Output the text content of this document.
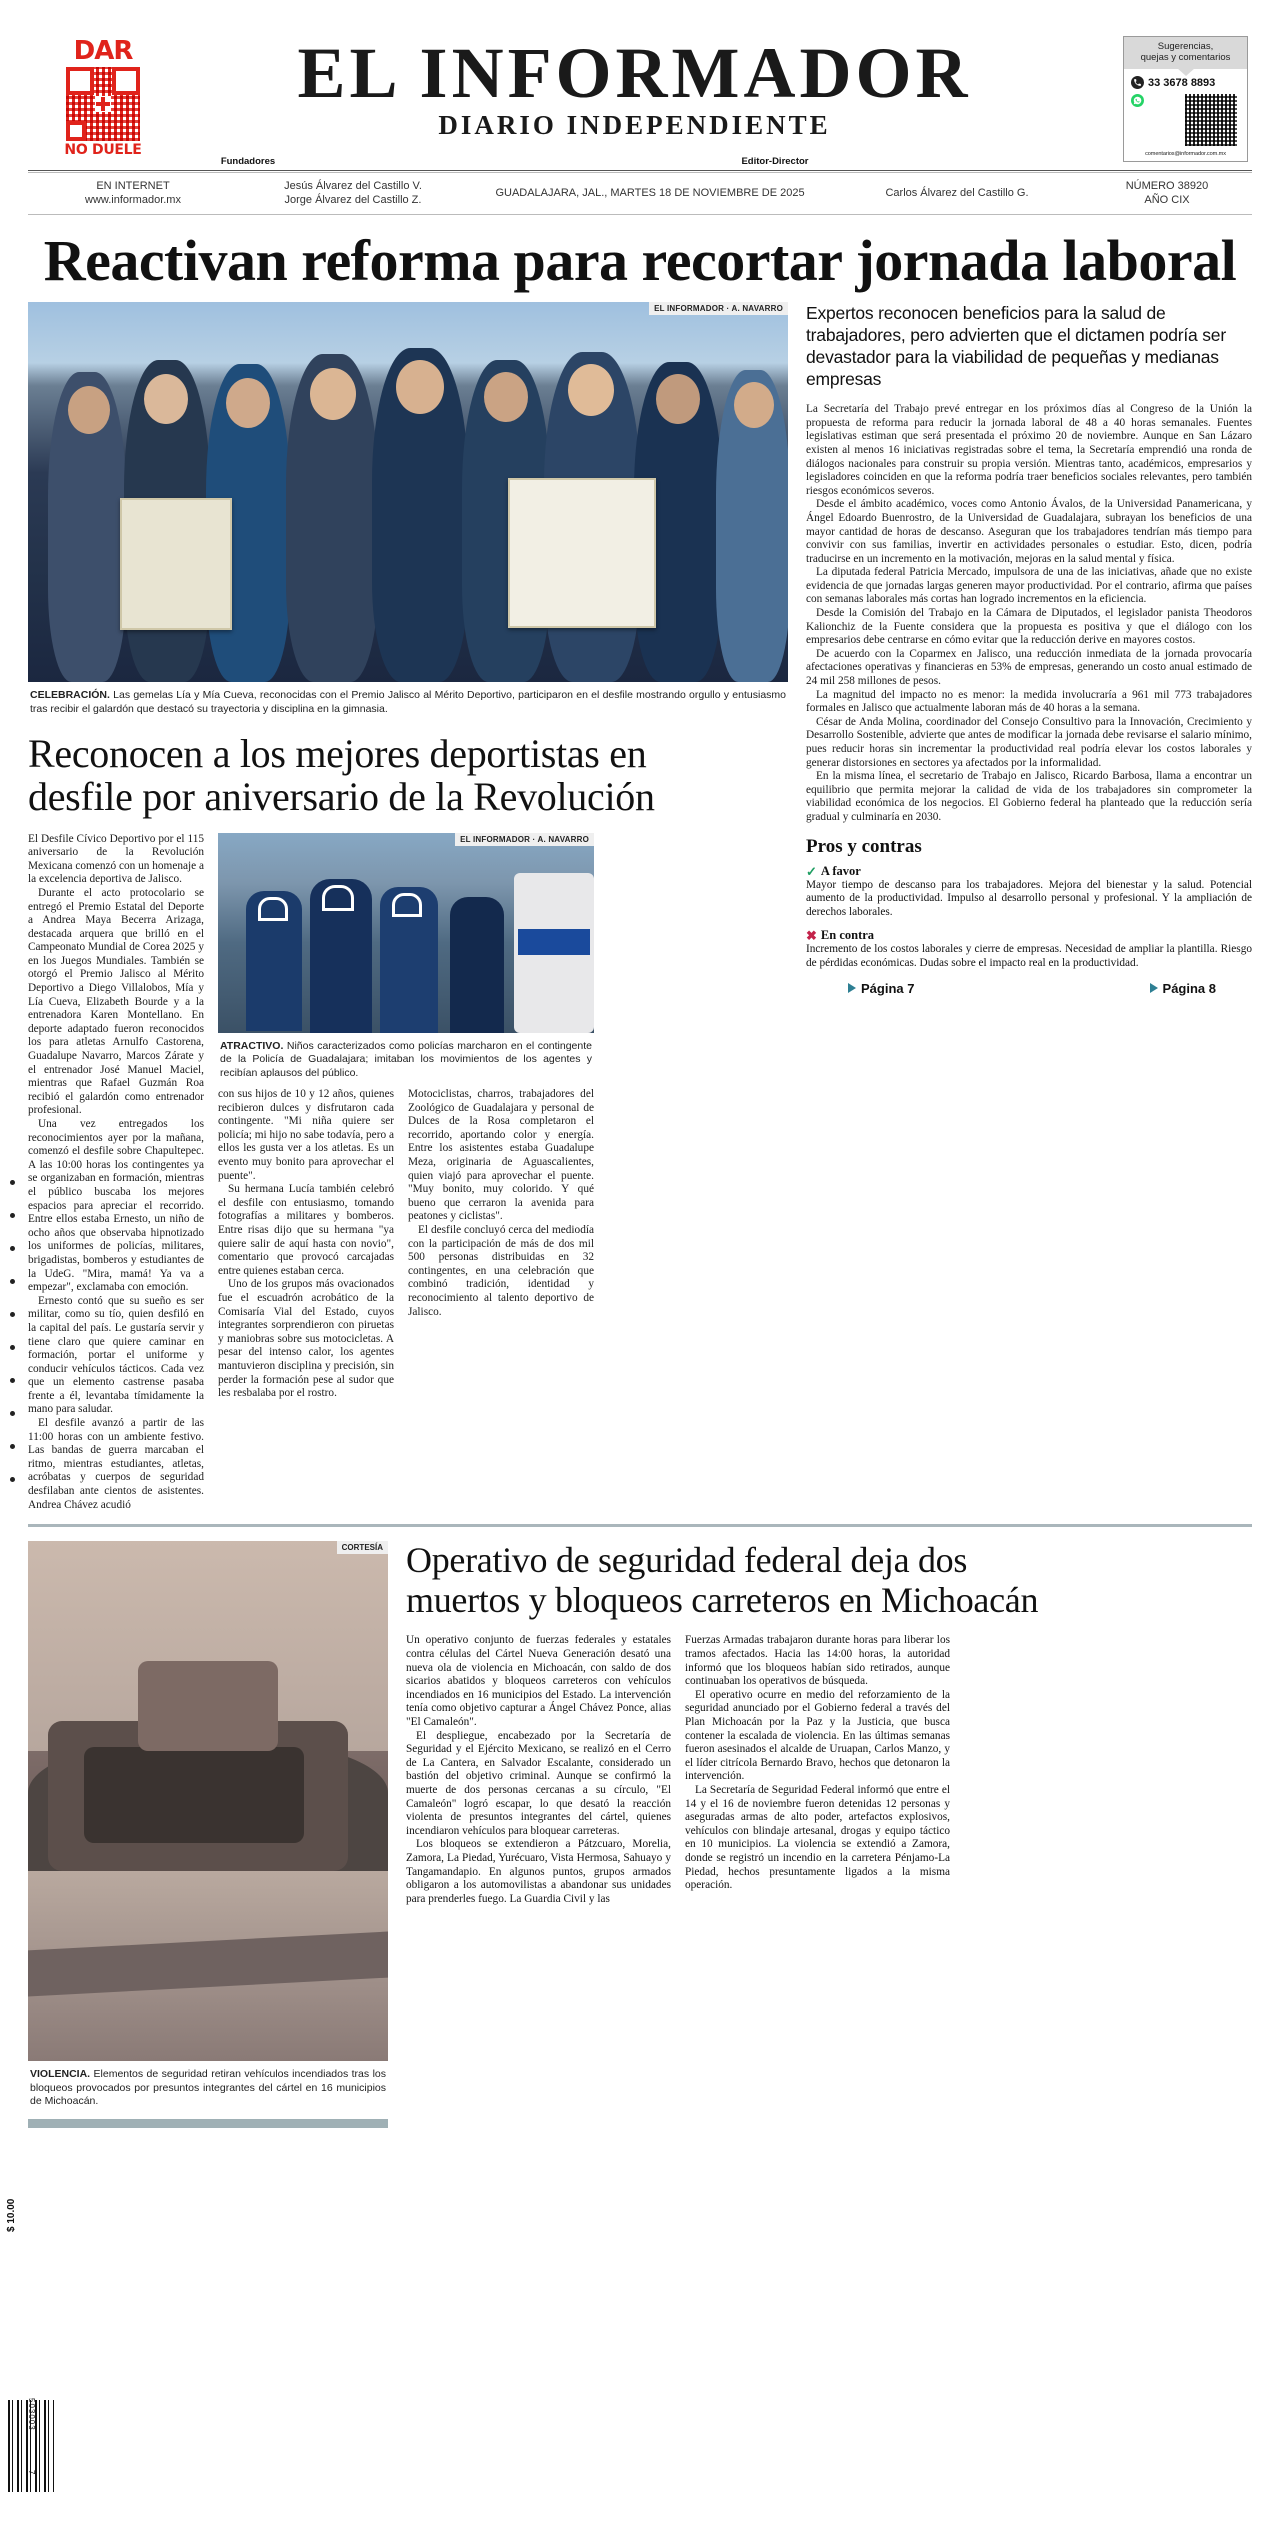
DAR
NO DUELE
EL INFORMADOR
DIARIO INDEPENDIENTE
Sugerencias,
quejas y comentarios
33 3678 8893
comentarios@informador.com.mx
Fundadores	Editor-Director
EN INTERNET
www.informador.mx
Jesús Álvarez del Castillo V.
Jorge Álvarez del Castillo Z.
GUADALAJARA, JAL., MARTES 18 DE NOVIEMBRE DE 2025	Carlos Álvarez del Castillo G.
NÚMERO 38920
AÑO CIX
Reactivan reforma para recortar jornada laboral
EL INFORMADOR · A. NAVARRO
CELEBRACIÓN. Las gemelas Lía y Mía Cueva, reconocidas con el Premio Jalisco al Mérito Deportivo, participaron en el desfile mostrando orgullo y entusiasmo tras recibir el galardón que destacó su trayectoria y disciplina en la gimnasia.
Reconocen a los mejores deportistas en
desfile por aniversario de la Revolución

El Desfile Cívico Deportivo por el 115 aniversario de la Revolución Mexicana comenzó con un homenaje a la excelencia deportiva de Jalisco.

Durante el acto protocolario se entregó el Premio Estatal del Deporte a Andrea Maya Becerra Arizaga, destacada arquera que brilló en el Campeonato Mundial de Corea 2025 y en los Juegos Mundiales. También se otorgó el Premio Jalisco al Mérito Deportivo a Diego Villalobos, Mía y Lía Cueva, Elizabeth Bourde y a la entrenadora Karen Montellano. En deporte adaptado fueron reconocidos los para atletas Arnulfo Castorena, Guadalupe Navarro, Marcos Zárate y el entrenador José Manuel Maciel, mientras que Rafael Guzmán Roa recibió el galardón como entrenador profesional.

Una vez entregados los reconocimientos ayer por la mañana, comenzó el desfile sobre Chapultepec. A las 10:00 horas los contingentes ya se organizaban en formación, mientras el público buscaba los mejores espacios para apreciar el recorrido. Entre ellos estaba Ernesto, un niño de ocho años que observaba hipnotizado los uniformes de policías, militares, brigadistas, bomberos y estudiantes de la UdeG. "Mira, mamá! Ya va a empezar", exclamaba con emoción.

Ernesto contó que su sueño es ser militar, como su tío, quien desfiló en la capital del país. Le gustaría servir y tiene claro que quiere caminar en formación, portar el uniforme y conducir vehículos tácticos. Cada vez que un elemento castrense pasaba frente a él, levantaba tímidamente la mano para saludar.

El desfile avanzó a partir de las 11:00 horas con un ambiente festivo. Las bandas de guerra marcaban el ritmo, mientras estudiantes, atletas, acróbatas y cuerpos de seguridad desfilaban ante cientos de asistentes. Andrea Chávez acudió

EL INFORMADOR · A. NAVARRO
ATRACTIVO. Niños caracterizados como policías marcharon en el contingente de la Policía de Guadalajara; imitaban los movimientos de los agentes y recibían aplausos del público.

con sus hijos de 10 y 12 años, quienes recibieron dulces y disfrutaron cada contingente. "Mi niña quiere ser policía; mi hijo no sabe todavía, pero a ellos les gusta ver a los atletas. Es un evento muy bonito para aprovechar el puente".

Su hermana Lucía también celebró el desfile con entusiasmo, tomando fotografías a militares y bomberos. Entre risas dijo que su hermana "ya quiere salir de aquí hasta con novio", comentario que provocó carcajadas entre quienes estaban cerca.

Uno de los grupos más ovacionados fue el escuadrón acrobático de la Comisaría Vial del Estado, cuyos integrantes sorprendieron con piruetas y maniobras sobre sus motocicletas. A pesar del intenso calor, los agentes mantuvieron disciplina y precisión, sin perder la formación pese al sudor que les resbalaba por el rostro.

Motociclistas, charros, trabajadores del Zoológico de Guadalajara y personal de Dulces de la Rosa completaron el recorrido, aportando color y energía. Entre los asistentes estaba Guadalupe Meza, originaria de Aguascalientes, quien viajó para aprovechar el puente. "Muy bonito, muy colorido. Y qué bueno que cerraron la avenida para peatones y ciclistas".

El desfile concluyó cerca del mediodía con la participación de más de dos mil 500 personas distribuidas en 32 contingentes, en una celebración que combinó tradición, identidad y reconocimiento al talento deportivo de Jalisco.

Expertos reconocen beneficios para la salud de trabajadores, pero advierten que el dictamen podría ser devastador para la viabilidad de pequeñas y medianas empresas

La Secretaría del Trabajo prevé entregar en los próximos días al Congreso de la Unión la propuesta de reforma para reducir la jornada laboral de 48 a 40 horas semanales. Fuentes legislativas estiman que será presentada el próximo 20 de noviembre. Aunque en San Lázaro existen al menos 16 iniciativas registradas sobre el tema, la Secretaría emprendió una ronda de diálogos nacionales para construir su propia versión. Mientras tanto, académicos, empresarios y legisladores coinciden en que la reforma podría traer beneficios sociales relevantes, pero también riesgos económicos severos.

Desde el ámbito académico, voces como Antonio Ávalos, de la Universidad Panamericana, y Ángel Edoardo Buenrostro, de la Universidad de Guadalajara, subrayan los beneficios de una mayor cantidad de horas de descanso. Aseguran que los trabajadores tendrían más tiempo para convivir con sus familias, invertir en actividades personales o estudiar. Esto, dicen, podría traducirse en un incremento en la motivación, mejoras en la salud mental y física.

La diputada federal Patricia Mercado, impulsora de una de las iniciativas, añade que no existe evidencia de que jornadas largas generen mayor productividad. Por el contrario, afirma que países con semanas laborales más cortas han logrado incrementos en la eficiencia.

Desde la Comisión del Trabajo en la Cámara de Diputados, el legislador panista Theodoros Kalionchiz de la Fuente considera que la propuesta es positiva y que el diálogo con los empresarios debe centrarse en cómo evitar que la reducción derive en mayores costos.

De acuerdo con la Coparmex en Jalisco, una reducción inmediata de la jornada provocaría afectaciones operativas y financieras en 53% de empresas, generando un costo anual estimado de 24 mil 258 millones de pesos.

La magnitud del impacto no es menor: la medida involucraría a 961 mil 773 trabajadores formales en Jalisco que actualmente laboran más de 40 horas a la semana.

César de Anda Molina, coordinador del Consejo Consultivo para la Innovación, Crecimiento y Desarrollo Sostenible, advierte que antes de modificar la jornada debe revisarse el salario mínimo, pues reducir horas sin incrementar la productividad real podría elevar los costos laborales y generar distorsiones en sectores ya afectados por la informalidad.

En la misma línea, el secretario de Trabajo en Jalisco, Ricardo Barbosa, llama a encontrar un equilibrio que permita mejorar la calidad de vida de los trabajadores sin comprometer la viabilidad económica de los negocios. El Gobierno federal ha planteado que la reducción sería gradual y culminaría en 2030.

Pros y contras
✓ A favor
Mayor tiempo de descanso para los trabajadores. Mejora del bienestar y la salud. Potencial aumento de la productividad. Impulso al desarrollo personal y profesional. Y la ampliación de derechos laborales.
✖ En contra
Incremento de los costos laborales y cierre de empresas. Necesidad de ampliar la plantilla. Riesgo de pérdidas económicas. Dudas sobre el impacto real en la productividad.
Página 7	Página 8
CORTESÍA
VIOLENCIA. Elementos de seguridad retiran vehículos incendiados tras los bloqueos provocados por presuntos integrantes del cártel en 16 municipios de Michoacán.
Operativo de seguridad federal deja dos
muertos y bloqueos carreteros en Michoacán

Un operativo conjunto de fuerzas federales y estatales contra células del Cártel Nueva Generación desató una nueva ola de violencia en Michoacán, con saldo de dos sicarios abatidos y bloqueos carreteros con vehículos incendiados en 16 municipios del Estado. La intervención tenía como objetivo capturar a Ángel Chávez Ponce, alias "El Camaleón".

El despliegue, encabezado por la Secretaría de Seguridad y el Ejército Mexicano, se realizó en el Cerro de La Cantera, en Salvador Escalante, considerado un bastión del objetivo criminal. Aunque se confirmó la muerte de dos personas cercanas a su círculo, "El Camaleón" logró escapar, lo que desató la reacción violenta de presuntos integrantes del cártel, quienes incendiaron vehículos para bloquear carreteras.

Los bloqueos se extendieron a Pátzcuaro, Morelia, Zamora, La Piedad, Yurécuaro, Vista Hermosa, Sahuayo y Tangamandapio. En algunos puntos, grupos armados obligaron a los automovilistas a abandonar sus unidades para prenderles fuego. La Guardia Civil y las

Fuerzas Armadas trabajaron durante horas para liberar los tramos afectados. Hacia las 14:00 horas, la autoridad informó que los bloqueos habían sido retirados, aunque continuaban los operativos de búsqueda.

El operativo ocurre en medio del reforzamiento de la seguridad anunciado por el Gobierno federal a través del Plan Michoacán por la Paz y la Justicia, que busca contener la escalada de violencia. En las últimas semanas fueron asesinados el alcalde de Uruapan, Carlos Manzo, y el líder citrícola Bernardo Bravo, hechos que detonaron la intervención.

La Secretaría de Seguridad Federal informó que entre el 14 y el 16 de noviembre fueron detenidas 12 personas y aseguradas armas de alto poder, artefactos explosivos, vehículos con blindaje artesanal, drogas y equipo táctico en 10 municipios. La violencia se extendió a Zamora, donde se registró un incendio en la carretera Pénjamo-La Piedad, hechos presuntamente ligados a la misma operación.

$ 10.00
503003
7
